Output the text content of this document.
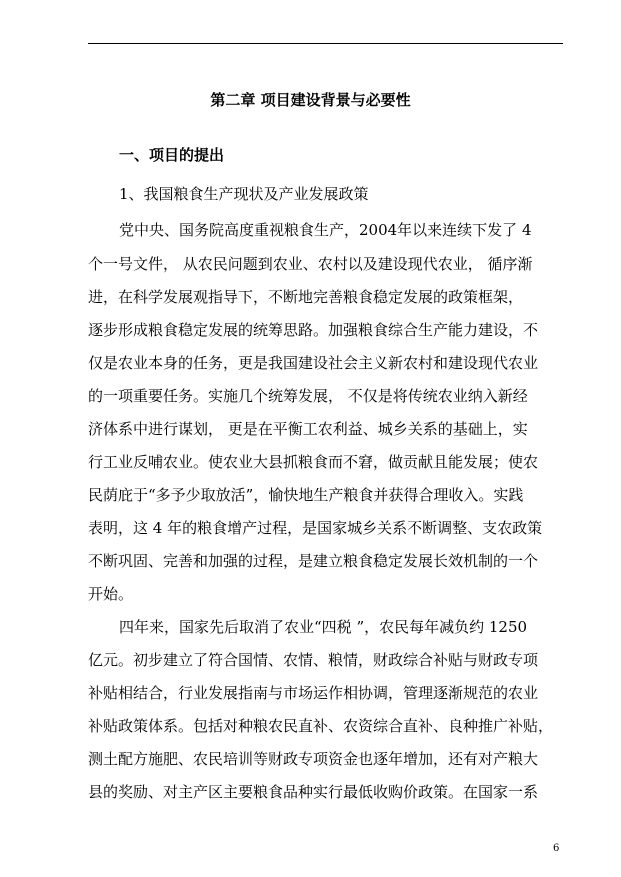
第二章 项目建设背景与必要性
一、项目的提出
1、我国粮食生产现状及产业发展政策
党中央、国务院高度重视粮食生产，2004年以来连续下发了 4
个一号文件， 从农民问题到农业、农村以及建设现代农业， 循序渐
进，在科学发展观指导下，不断地完善粮食稳定发展的政策框架，
逐步形成粮食稳定发展的统筹思路。加强粮食综合生产能力建设，不
仅是农业本身的任务，更是我国建设社会主义新农村和建设现代农业
的一项重要任务。实施几个统筹发展， 不仅是将传统农业纳入新经
济体系中进行谋划， 更是在平衡工农利益、城乡关系的基础上，实
行工业反哺农业。使农业大县抓粮食而不窘，做贡献且能发展；使农
民荫庇于“多予少取放活”，愉快地生产粮食并获得合理收入。实践
表明，这 4 年的粮食增产过程，是国家城乡关系不断调整、支农政策
不断巩固、完善和加强的过程，是建立粮食稳定发展长效机制的一个
开始。
四年来，国家先后取消了农业“四税 ”，农民每年减负约 1250
亿元。初步建立了符合国情、农情、粮情，财政综合补贴与财政专项
补贴相结合，行业发展指南与市场运作相协调，管理逐渐规范的农业
补贴政策体系。包括对种粮农民直补、农资综合直补、良种推广补贴，
测土配方施肥、农民培训等财政专项资金也逐年增加，还有对产粮大
县的奖励、对主产区主要粮食品种实行最低收购价政策。在国家一系
6
